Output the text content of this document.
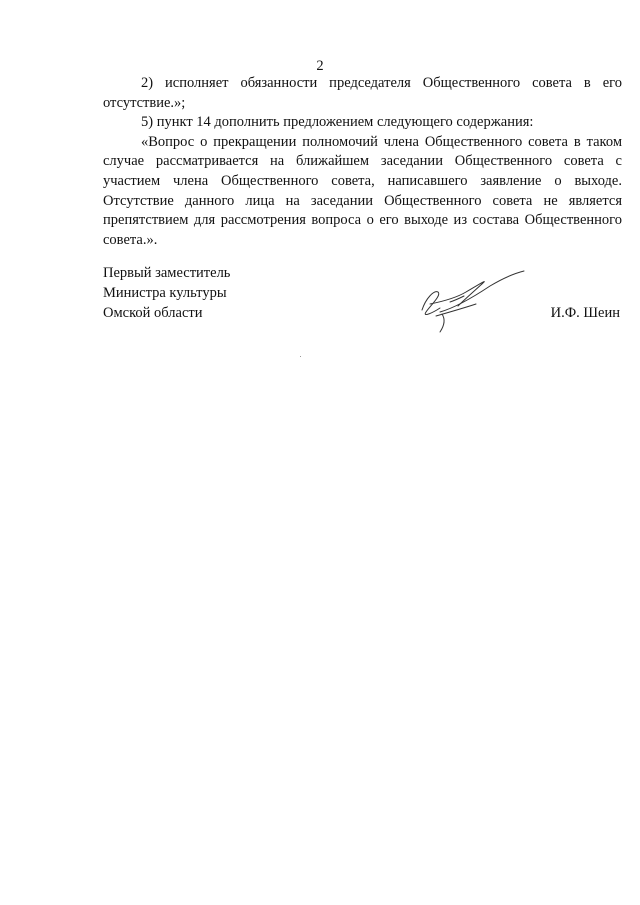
2

2) исполняет обязанности председателя Общественного совета в его отсутствие.»;

5) пункт 14 дополнить предложением следующего содержания:

«Вопрос о прекращении полномочий члена Общественного совета в таком случае рассматривается на ближайшем заседании Общественного совета с участием члена Общественного совета, написавшего заявление о выходе. Отсутствие данного лица на заседании Общественного совета не является препятствием для рассмотрения вопроса о его выходе из состава Общественного совета.».

Первый заместитель
Министра культуры
Омской области	И.Ф. Шеин
